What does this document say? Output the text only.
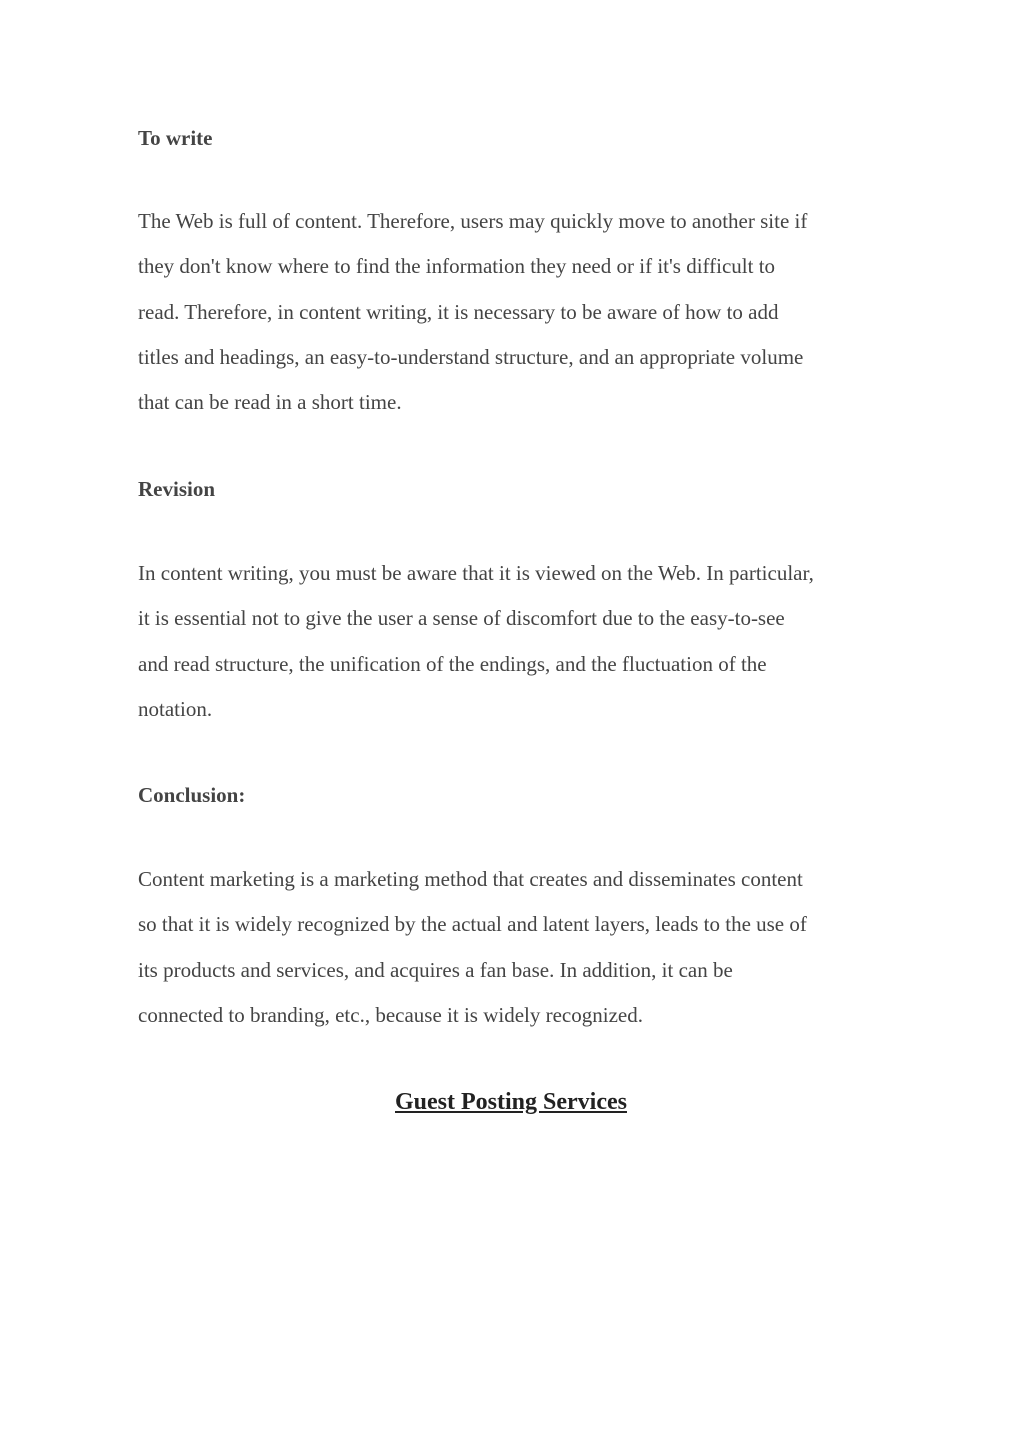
To write
The Web is full of content. Therefore, users may quickly move to another site if
they don't know where to find the information they need or if it's difficult to
read. Therefore, in content writing, it is necessary to be aware of how to add
titles and headings, an easy-to-understand structure, and an appropriate volume
that can be read in a short time.
Revision
In content writing, you must be aware that it is viewed on the Web. In particular,
it is essential not to give the user a sense of discomfort due to the easy-to-see
and read structure, the unification of the endings, and the fluctuation of the
notation.
Conclusion:
Content marketing is a marketing method that creates and disseminates content
so that it is widely recognized by the actual and latent layers, leads to the use of
its products and services, and acquires a fan base. In addition, it can be
connected to branding, etc., because it is widely recognized.
Guest Posting Services
